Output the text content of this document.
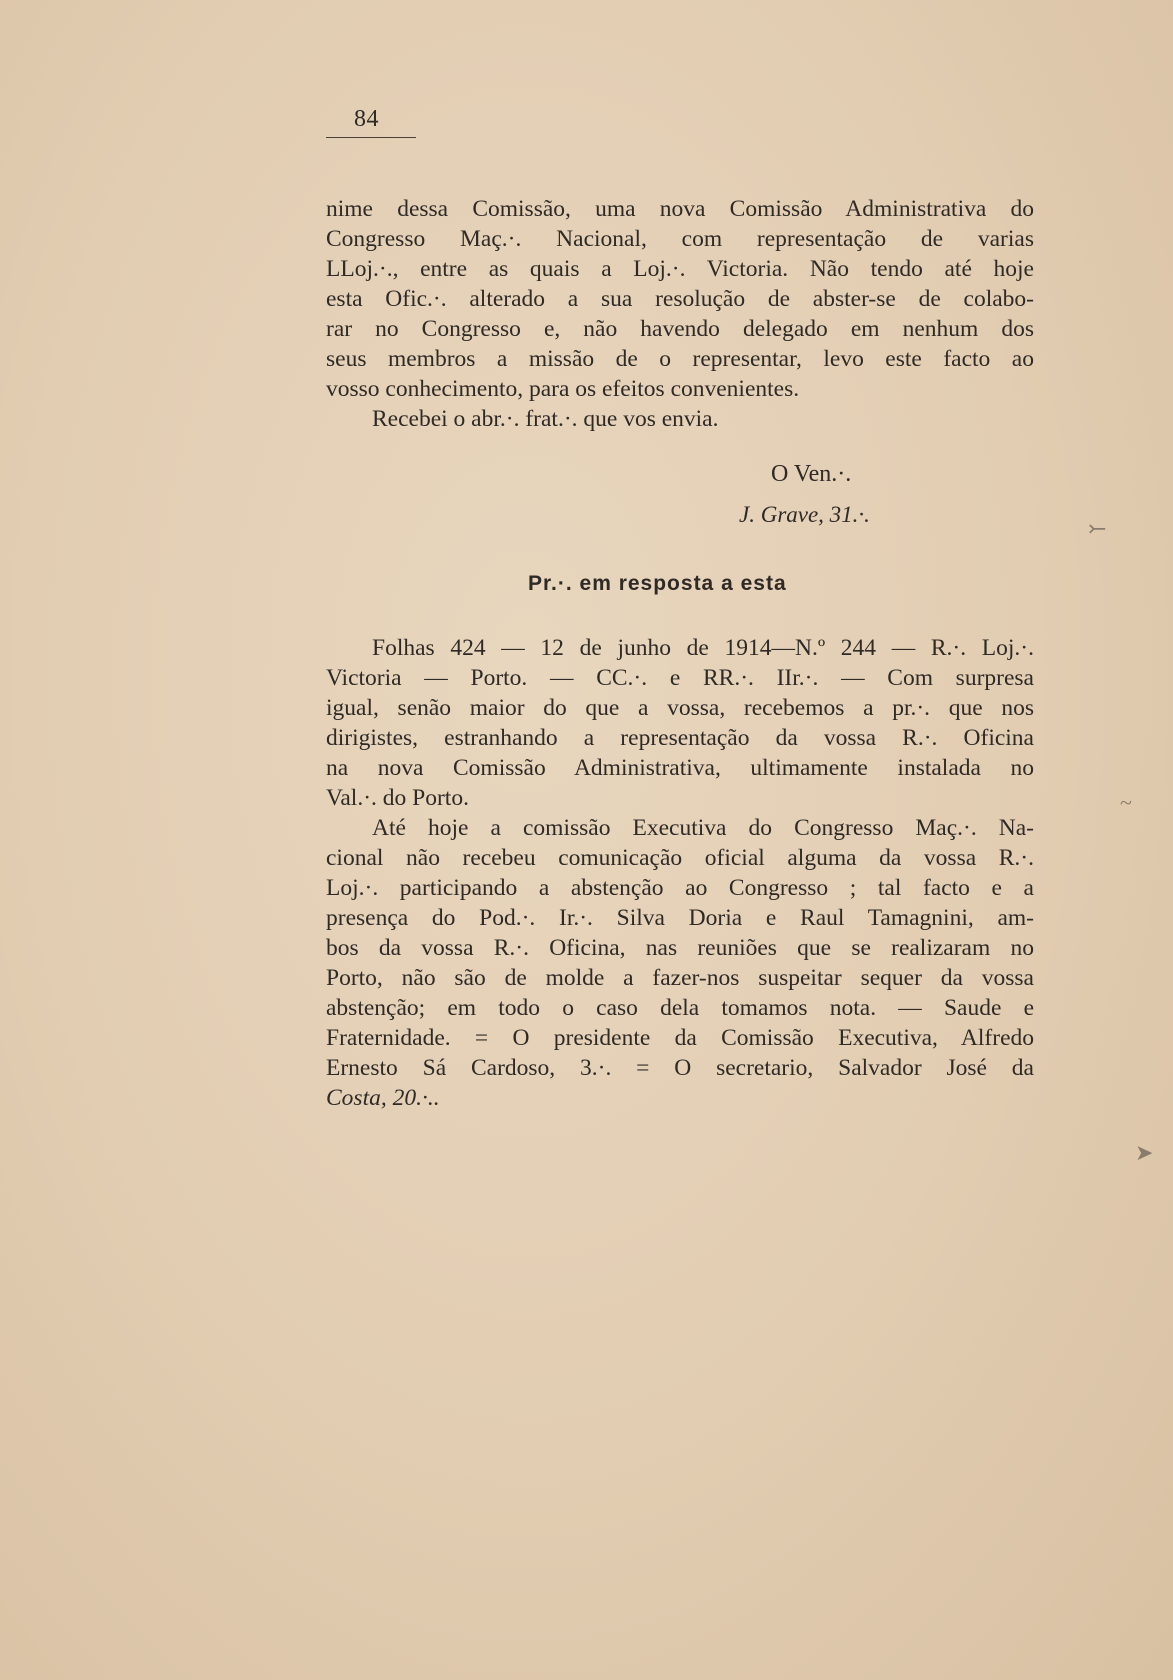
84
nime dessa Comissão, uma nova Comissão Administrativa do
Congresso Maç.·. Nacional, com representação de varias
LLoj.·., entre as quais a Loj.·. Victoria. Não tendo até hoje
esta Ofic.·. alterado a sua resolução de abster-se de colabo-
rar no Congresso e, não havendo delegado em nenhum dos
seus membros a missão de o representar, levo este facto ao
vosso conhecimento, para os efeitos convenientes.
Recebei o abr.·. frat.·. que vos envia.
O Ven.·.
J. Grave, 31.·.
Pr.·. em resposta a esta
Folhas 424 — 12 de junho de 1914—N.º 244 — R.·. Loj.·.
Victoria — Porto. — CC.·. e RR.·. IIr.·. — Com surpresa
igual, senão maior do que a vossa, recebemos a pr.·. que nos
dirigistes, estranhando a representação da vossa R.·. Oficina
na nova Comissão Administrativa, ultimamente instalada no
Val.·. do Porto.
Até hoje a comissão Executiva do Congresso Maç.·. Na-
cional não recebeu comunicação oficial alguma da vossa R.·.
Loj.·. participando a abstenção ao Congresso ; tal facto e a
presença do Pod.·. Ir.·. Silva Doria e Raul Tamagnini, am-
bos da vossa R.·. Oficina, nas reuniões que se realizaram no
Porto, não são de molde a fazer-nos suspeitar sequer da vossa
abstenção; em todo o caso dela tomamos nota. — Saude e
Fraternidade. = O presidente da Comissão Executiva, Alfredo
Ernesto Sá Cardoso, 3.·. = O secretario, Salvador José da
Costa, 20.·..
⤚
~
➤
